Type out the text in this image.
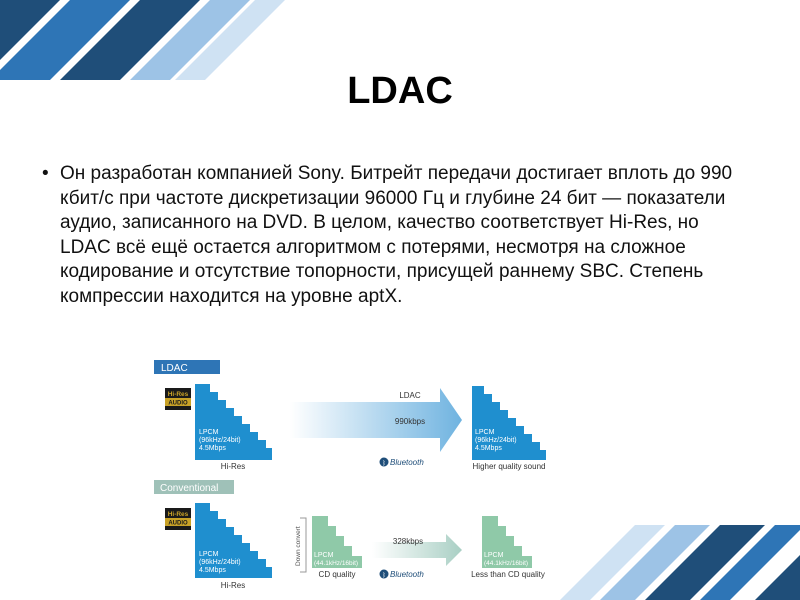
LDAC
• Он разработан компанией Sony. Битрейт передачи достигает вплоть до 990 кбит/с при частоте дискретизации 96000 Гц и глубине 24 бит — показатели аудио, записанного на DVD. В целом, качество соответствует Hi-Res, но LDAC всё ещё остается алгоритмом с потерями, несмотря на сложное кодирование и отсутствие топорности, присущей раннему SBC. Степень компрессии находится на уровне aptX.
LDAC
Hi-Res
AUDIO
LPCM
(96kHz/24bit)
4.5Mbps
Hi-Res
LDAC
990kbps
ᛒ Bluetooth
LPCM
(96kHz/24bit)
4.5Mbps
Higher quality sound
Conventional
Hi-Res
AUDIO
LPCM
(96kHz/24bit)
4.5Mbps
Hi-Res
Down convert LPCM
(44.1kHz/16bit)
CD quality
328kbps
ᛒ Bluetooth
LPCM
(44.1kHz/16bit)
Less than CD quality
